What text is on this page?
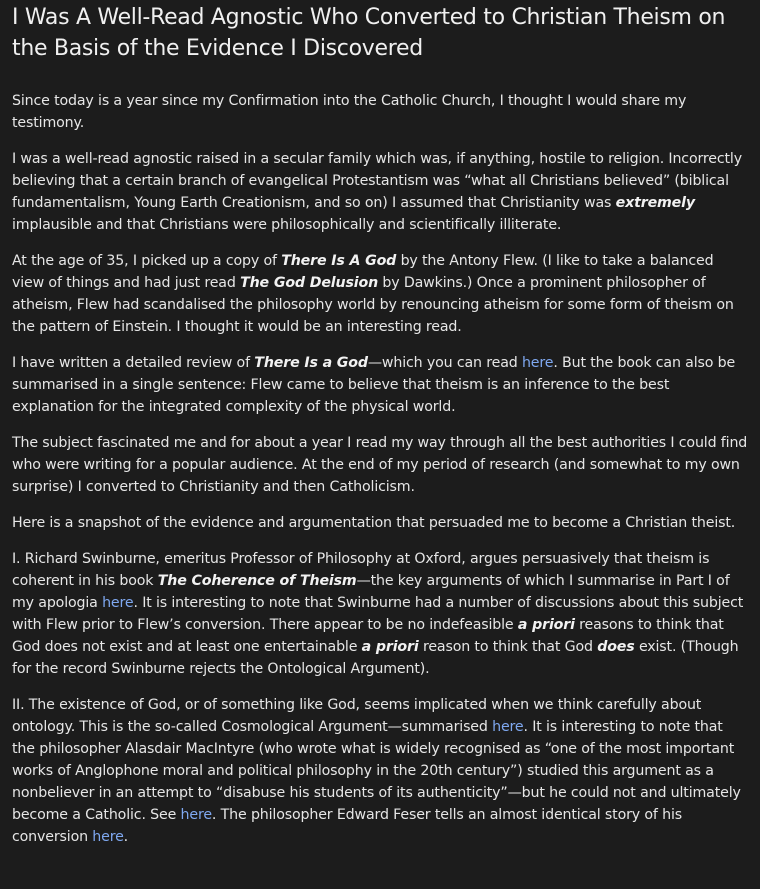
I Was A Well-Read Agnostic Who Converted to Christian Theism on the Basis of the Evidence I Discovered

Since today is a year since my Confirmation into the Catholic Church, I thought I would share my testimony.

I was a well-read agnostic raised in a secular family which was, if anything, hostile to religion. Incorrectly believing that a certain branch of evangelical Protestantism was “what all Christians believed” (biblical fundamentalism, Young Earth Creationism, and so on) I assumed that Christianity was extremely implausible and that Christians were philosophically and scientifically illiterate.

At the age of 35, I picked up a copy of There Is A God by the Antony Flew. (I like to take a balanced view of things and had just read The God Delusion by Dawkins.) Once a prominent philosopher of atheism, Flew had scandalised the philosophy world by renouncing atheism for some form of theism on the pattern of Einstein. I thought it would be an interesting read.

I have written a detailed review of There Is a God—which you can read here. But the book can also be summarised in a single sentence: Flew came to believe that theism is an inference to the best explanation for the integrated complexity of the physical world.

The subject fascinated me and for about a year I read my way through all the best authorities I could find who were writing for a popular audience. At the end of my period of research (and somewhat to my own surprise) I converted to Christianity and then Catholicism.

Here is a snapshot of the evidence and argumentation that persuaded me to become a Christian theist.

I. Richard Swinburne, emeritus Professor of Philosophy at Oxford, argues persuasively that theism is coherent in his book The Coherence of Theism—the key arguments of which I summarise in Part I of my apologia here. It is interesting to note that Swinburne had a number of discussions about this subject with Flew prior to Flew’s conversion. There appear to be no indefeasible a priori reasons to think that God does not exist and at least one entertainable a priori reason to think that God does exist. (Though for the record Swinburne rejects the Ontological Argument).

II. The existence of God, or of something like God, seems implicated when we think carefully about ontology. This is the so-called Cosmological Argument—summarised here. It is interesting to note that the philosopher Alasdair MacIntyre (who wrote what is widely recognised as “one of the most important works of Anglophone moral and political philosophy in the 20th century”) studied this argument as a nonbeliever in an attempt to “disabuse his students of its authenticity”—but he could not and ultimately become a Catholic. See here. The philosopher Edward Feser tells an almost identical story of his conversion here.
